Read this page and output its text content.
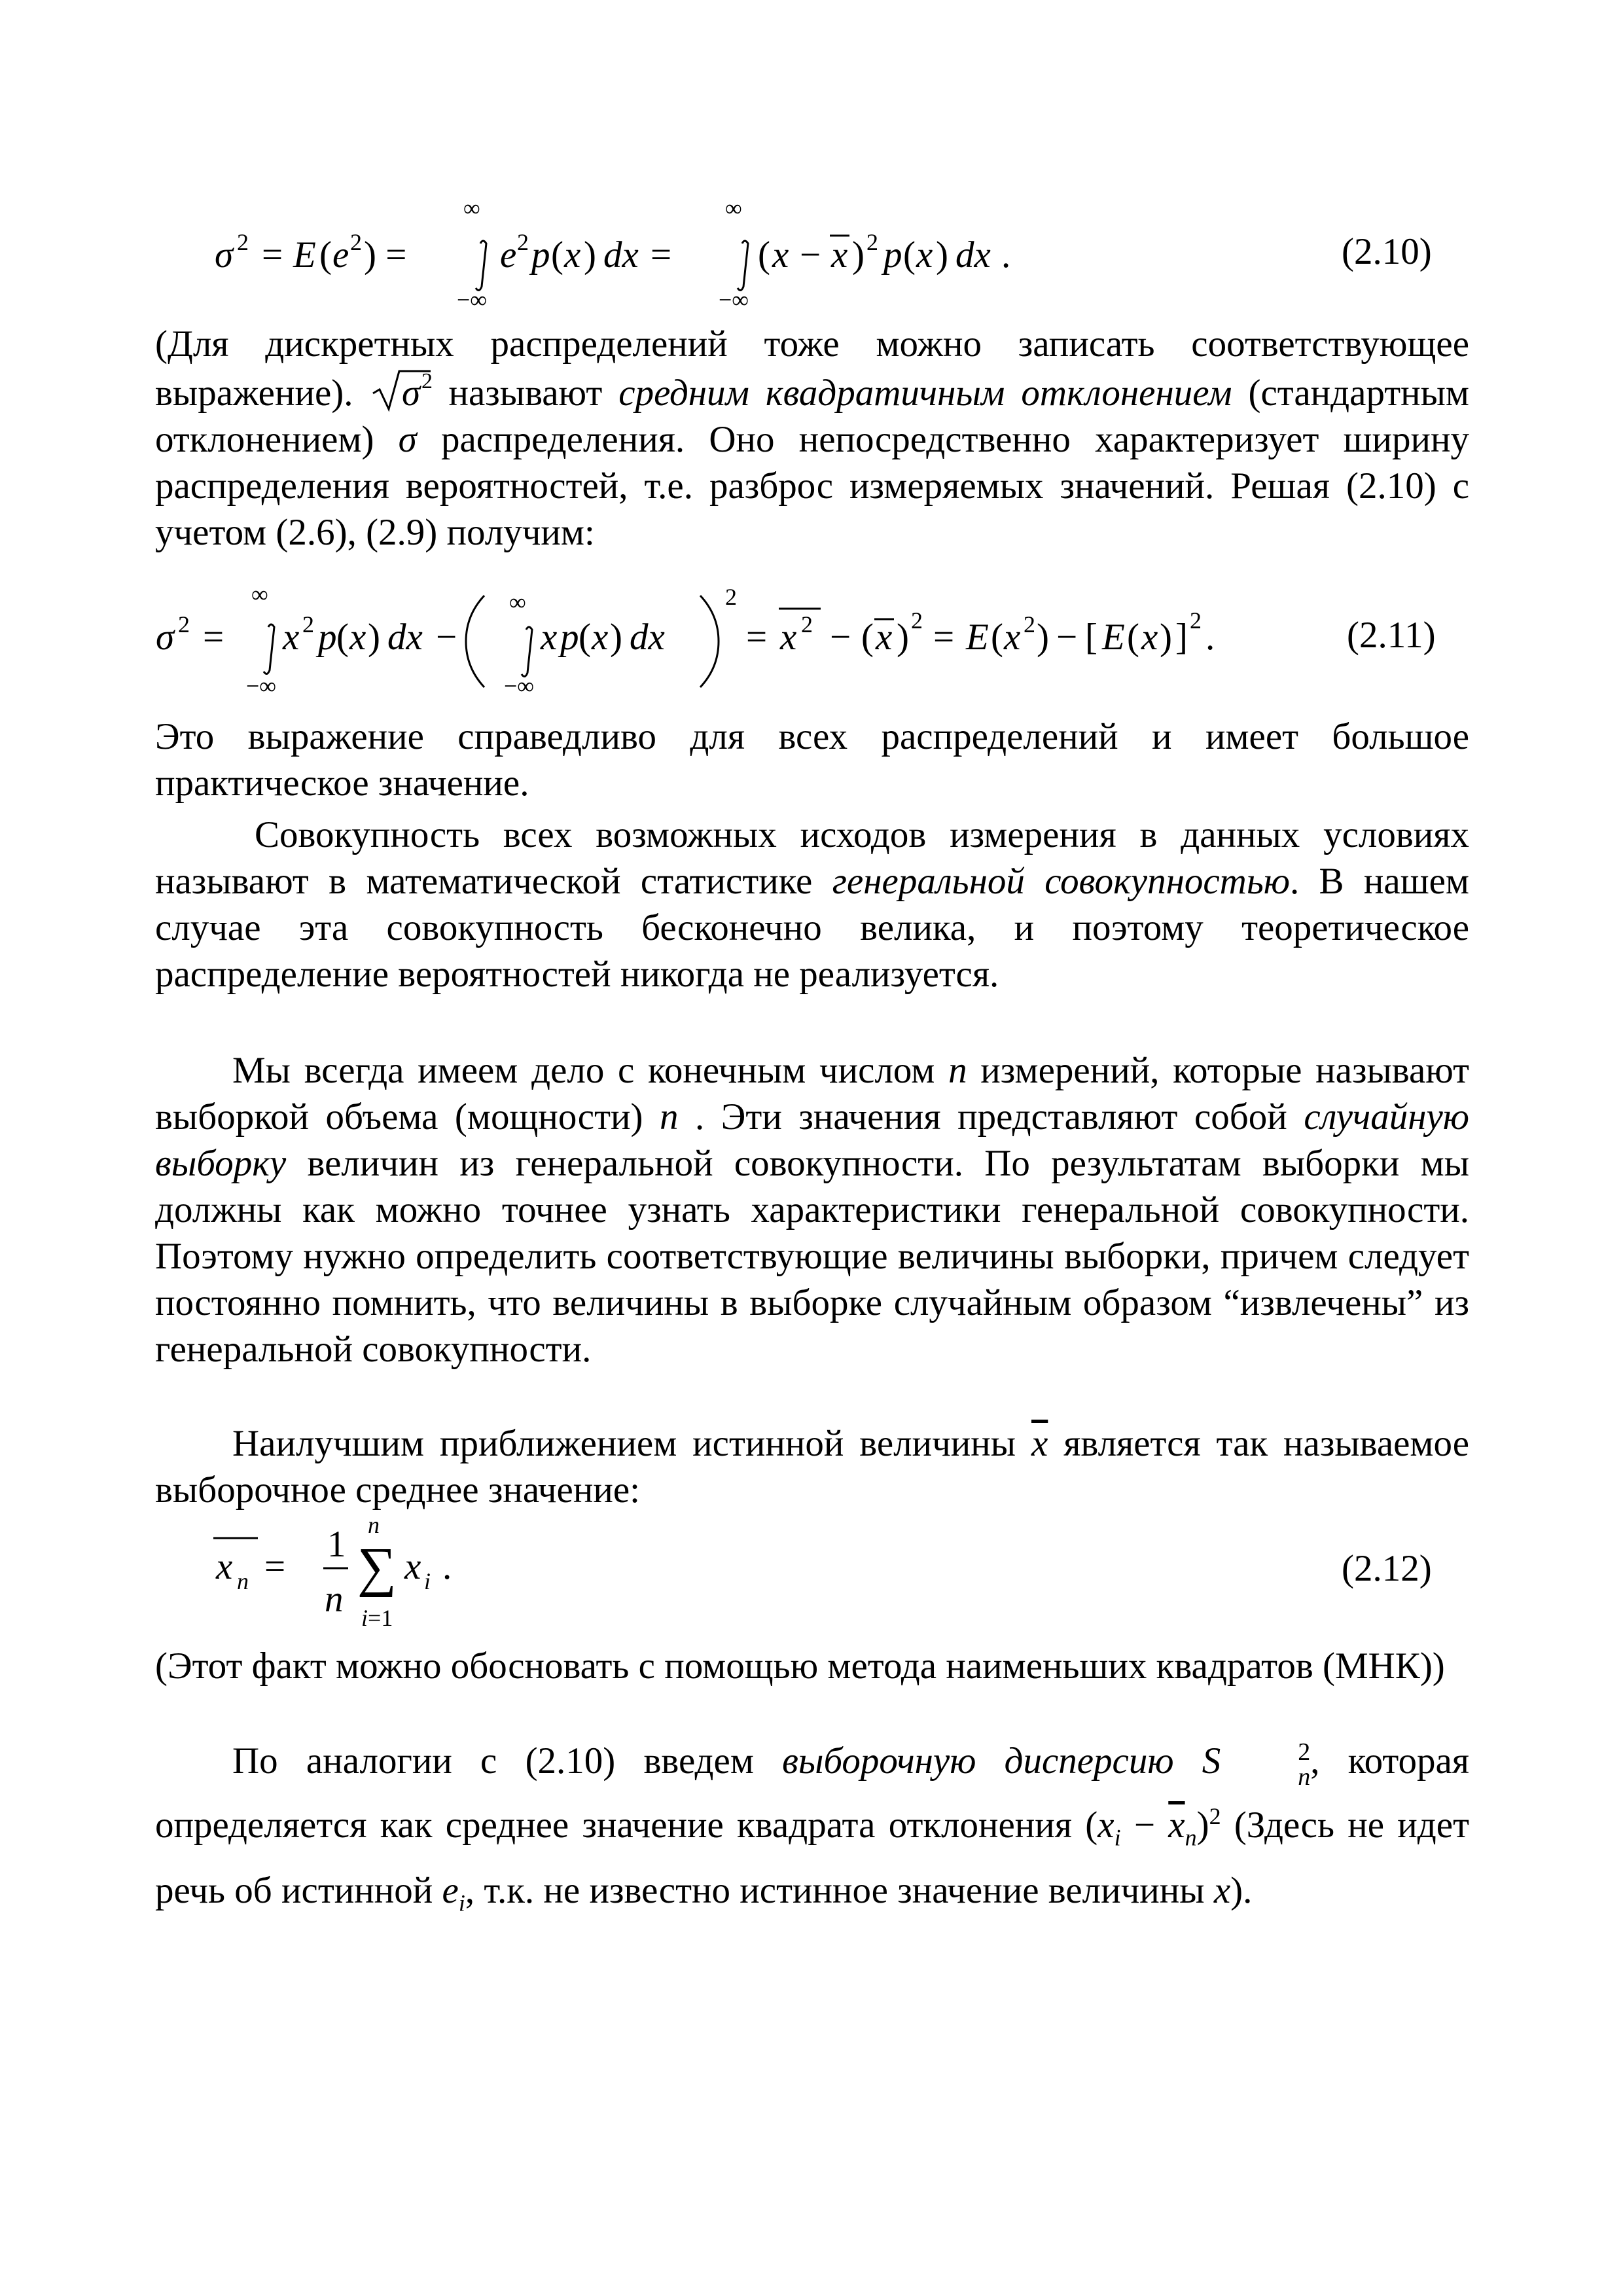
σ 2 = E ( e 2 ) =
∞
−∞
e 2 p ( x ) dx =
∞
−∞
( x − x ) 2 p ( x ) dx .	(2.10)

(Для дискретных распределений тоже можно записать соответствующее выражение). σ 2 называют средним квадратичным отклонением (стандартным отклонением) σ распределения. Оно непосредственно характеризует ширину распределения вероятностей, т.е. разброс измеряемых значений. Решая (2.10) с учетом (2.6), (2.9) получим:

σ 2 =
∞
−∞
x 2 p ( x ) dx −
∞
−∞
x p ( x ) dx
2
= x 2 − ( x ) 2 = E ( x 2 ) − [ E ( x ) ] 2 .	(2.11)

Это выражение справедливо для всех распределений и имеет большое практическое значение.

Совокупность всех возможных исходов измерения в данных условиях называют в математической статистике генеральной совокупностью. В нашем случае эта совокупность бесконечно велика, и поэтому теоретическое распределение вероятностей никогда не реализуется.

Мы всегда имеем дело с конечным числом n измерений, которые называют выборкой объема (мощности) n . Эти значения представляют собой случайную выборку величин из генеральной совокупности. По результатам выборки мы должны как можно точнее узнать характеристики генеральной совокупности. Поэтому нужно определить соответствующие величины выборки, причем следует постоянно помнить, что величины в выборке случайным образом “извлечены” из генеральной совокупности.

Наилучшим приближением истинной величины $\overline{x}$ является так называемое выборочное среднее значение:

x n =
1
n
n
∑
i=1
x i .	(2.12)

(Этот факт можно обосновать с помощью метода наименьших квадратов (МНК))

По аналогии с (2.10) введем выборочную дисперсию S	2
n , которая определяется как среднее значение квадрата отклонения $(x_i - \overline{x}_n)^2$ (Здесь не идет речь об истинной $e_i$, т.к. не известно истинное значение величины x).
